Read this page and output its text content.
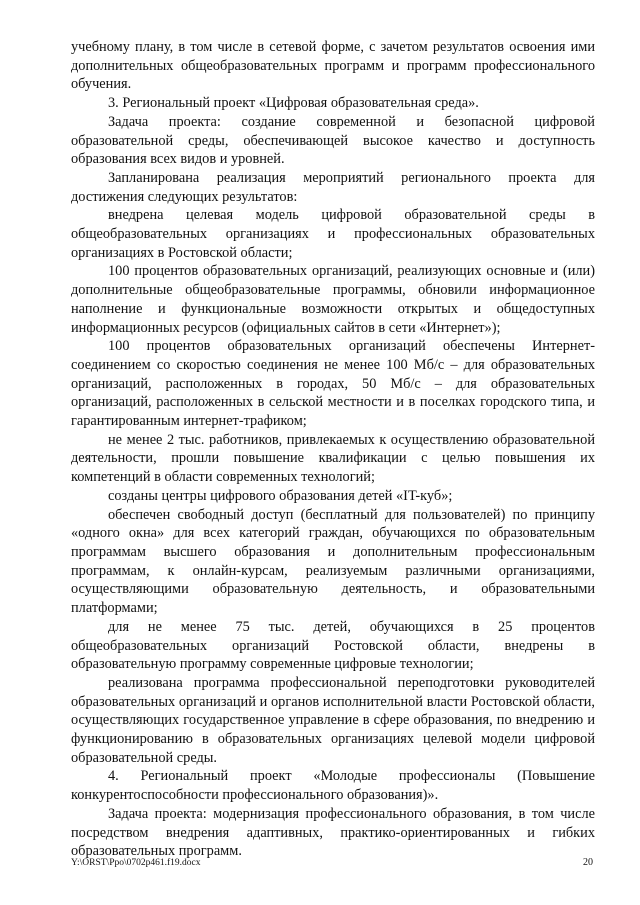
учебному плану, в том числе в сетевой форме, с зачетом результатов освоения ими дополнительных общеобразовательных программ и программ профессионального обучения.

3. Региональный проект «Цифровая образовательная среда».

Задача проекта: создание современной и безопасной цифровой образовательной среды, обеспечивающей высокое качество и доступность образования всех видов и уровней.

Запланирована реализация мероприятий регионального проекта для достижения следующих результатов:

внедрена целевая модель цифровой образовательной среды в общеобразовательных организациях и профессиональных образовательных организациях в Ростовской области;

100 процентов образовательных организаций, реализующих основные и (или) дополнительные общеобразовательные программы, обновили информационное наполнение и функциональные возможности открытых и общедоступных информационных ресурсов (официальных сайтов в сети «Интернет»);

100 процентов образовательных организаций обеспечены Интернет-соединением со скоростью соединения не менее 100 Мб/с – для образовательных организаций, расположенных в городах, 50 Мб/с – для образовательных организаций, расположенных в сельской местности и в поселках городского типа, и гарантированным интернет-трафиком;

не менее 2 тыс. работников, привлекаемых к осуществлению образовательной деятельности, прошли повышение квалификации с целью повышения их компетенций в области современных технологий;

созданы центры цифрового образования детей «IT-куб»;

обеспечен свободный доступ (бесплатный для пользователей) по принципу «одного окна» для всех категорий граждан, обучающихся по образовательным программам высшего образования и дополнительным профессиональным программам, к онлайн-курсам, реализуемым различными организациями, осуществляющими образовательную деятельность, и образовательными платформами;

для не менее 75 тыс. детей, обучающихся в 25 процентов общеобразовательных организаций Ростовской области, внедрены в образовательную программу современные цифровые технологии;

реализована программа профессиональной переподготовки руководителей образовательных организаций и органов исполнительной власти Ростовской области, осуществляющих государственное управление в сфере образования, по внедрению и функционированию в образовательных организациях целевой модели цифровой образовательной среды.

4. Региональный проект «Молодые профессионалы (Повышение конкурентоспособности профессионального образования)».

Задача проекта: модернизация профессионального образования, в том числе посредством внедрения адаптивных, практико-ориентированных и гибких образовательных программ.

Y:\ORST\Ppo\0702p461.f19.docx	20
